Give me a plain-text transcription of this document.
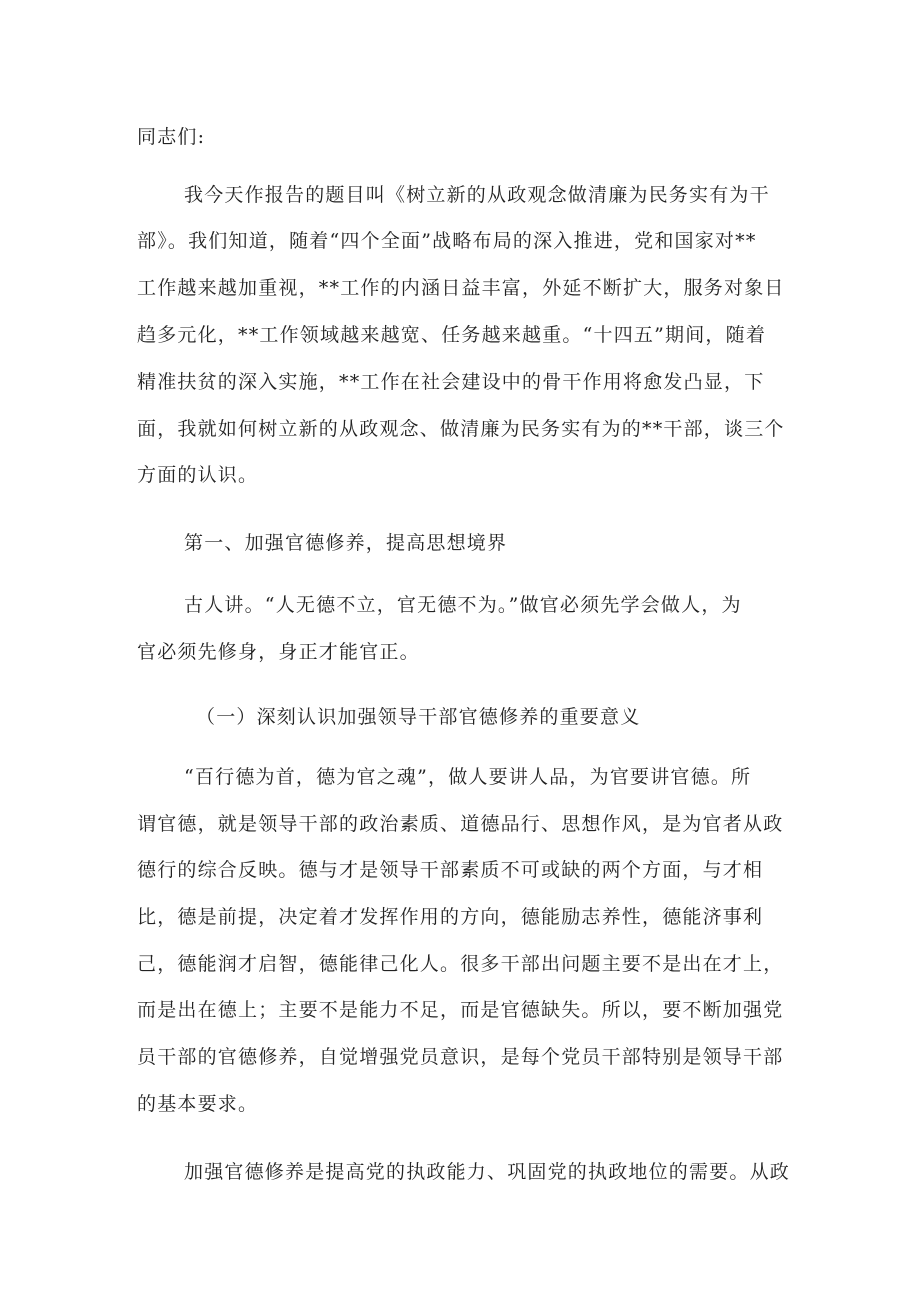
同志们:
我今天作报告的题目叫《树立新的从政观念做清廉为民务实有为干
部》。我们知道，随着“四个全面”战略布局的深入推进，党和国家对**
工作越来越加重视，**工作的内涵日益丰富，外延不断扩大，服务对象日
趋多元化，**工作领域越来越宽、任务越来越重。“十四五”期间，随着
精准扶贫的深入实施，**工作在社会建设中的骨干作用将愈发凸显，下
面，我就如何树立新的从政观念、做清廉为民务实有为的**干部，谈三个
方面的认识。
第一、加强官德修养，提高思想境界
古人讲。“人无德不立，官无德不为。”做官必须先学会做人，为
官必须先修身，身正才能官正。
（一）深刻认识加强领导干部官德修养的重要意义
“百行德为首，德为官之魂”，做人要讲人品，为官要讲官德。所
谓官德，就是领导干部的政治素质、道德品行、思想作风，是为官者从政
德行的综合反映。德与才是领导干部素质不可或缺的两个方面，与才相
比，德是前提，决定着才发挥作用的方向，德能励志养性，德能济事利
己，德能润才启智，德能律己化人。很多干部出问题主要不是出在才上，
而是出在德上；主要不是能力不足，而是官德缺失。所以，要不断加强党
员干部的官德修养，自觉增强党员意识，是每个党员干部特别是领导干部
的基本要求。
加强官德修养是提高党的执政能力、巩固党的执政地位的需要。从政
